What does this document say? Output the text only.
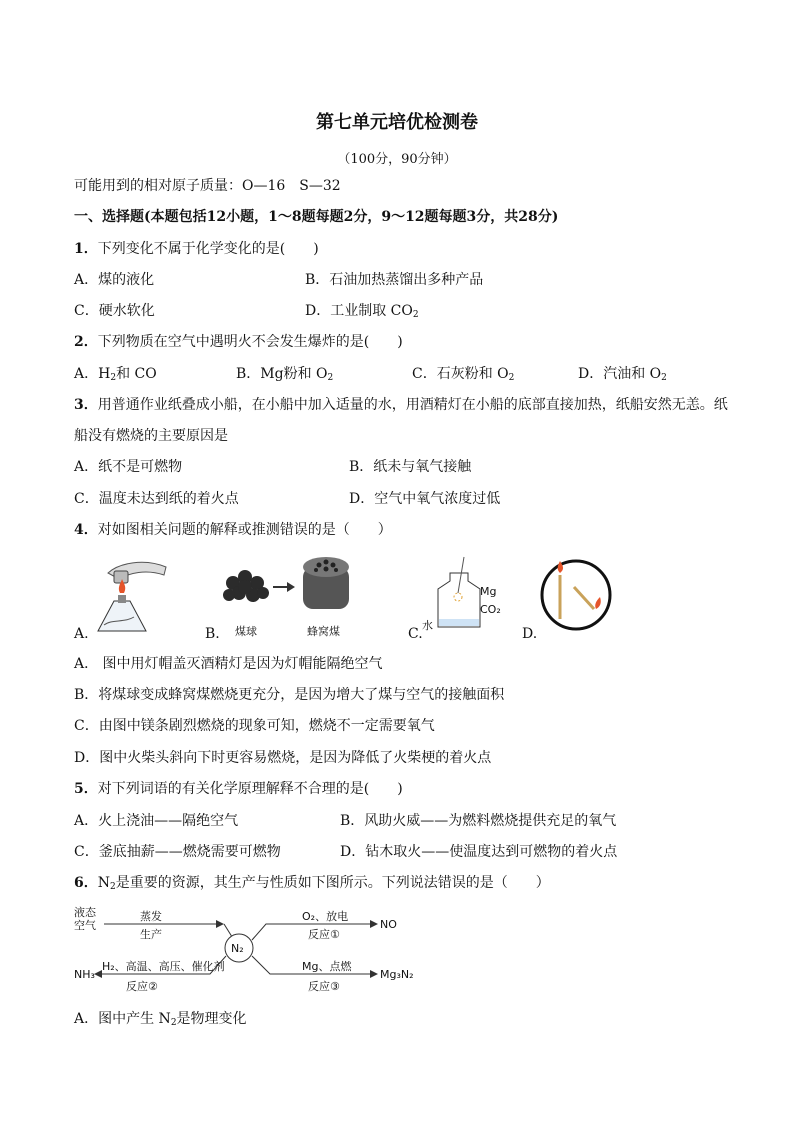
第七单元培优检测卷
（100分，90分钟）
可能用到的相对原子质量：O—16　S—32
一、选择题(本题包括12小题，1～8题每题2分，9～12题每题3分，共28分)
1．下列变化不属于化学变化的是(　　)
A．煤的液化	B．石油加热蒸馏出多种产品
C．硬水软化	D．工业制取 $CO_2$
2．下列物质在空气中遇明火不会发生爆炸的是(　　)
A．$H_2$和 CO	B．Mg粉和 $O_2$	C．石灰粉和 $O_2$	D．汽油和 $O_2$
3．用普通作业纸叠成小船，在小船中加入适量的水，用酒精灯在小船的底部直接加热，纸船安然无恙。纸
船没有燃烧的主要原因是
A．纸不是可燃物	B．纸未与氧气接触
C．温度未达到纸的着火点	D．空气中氧气浓度过低
4．对如图相关问题的解释或推测错误的是（　　）
A.	B. 煤球	蜂窝煤	C.
Mg
CO₂
水
D.
A． 图中用灯帽盖灭酒精灯是因为灯帽能隔绝空气
B．将煤球变成蜂窝煤燃烧更充分，是因为增大了煤与空气的接触面积
C．由图中镁条剧烈燃烧的现象可知，燃烧不一定需要氧气
D．图中火柴头斜向下时更容易燃烧，是因为降低了火柴梗的着火点
5．对下列词语的有关化学原理解释不合理的是(　　)
A．火上浇油——隔绝空气	B．风助火威——为燃料燃烧提供充足的氧气
C．釜底抽薪——燃烧需要可燃物	D．钻木取火——使温度达到可燃物的着火点
6．$N_2$是重要的资源，其生产与性质如下图所示。下列说法错误的是（　　）
液态
空气
蒸发
生产
N₂
O₂、放电
反应①
NO
H₂、高温、高压、催化剂
反应②
NH₃
Mg、点燃
反应③
Mg₃N₂
A．图中产生 $N_2$是物理变化
